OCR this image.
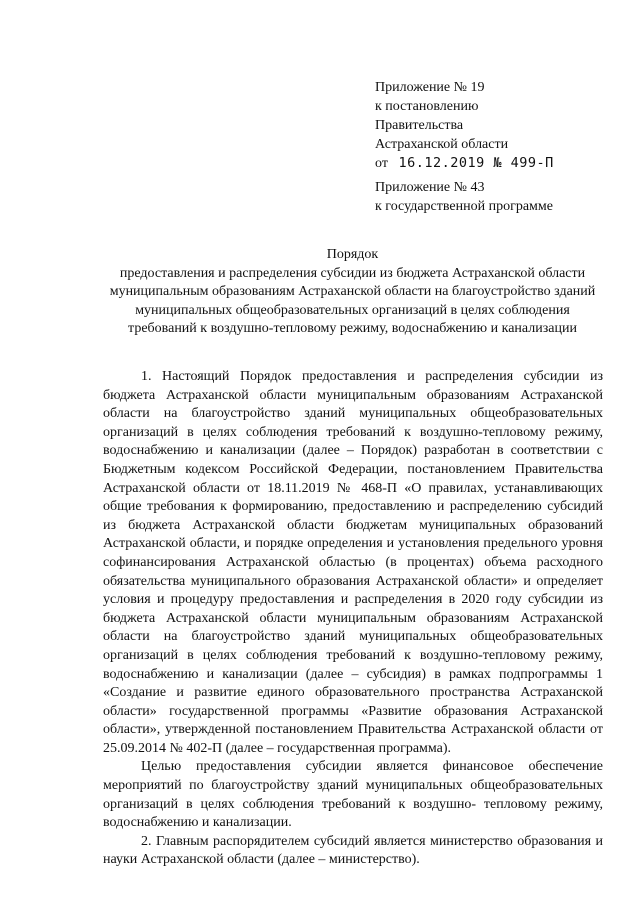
Приложение № 19
к постановлению
Правительства
Астраханской области
от 16.12.2019 № 499-П
Приложение № 43
к государственной программе
Порядок
предоставления и распределения субсидии из бюджета Астраханской области муниципальным образованиям Астраханской области на благоустройство зданий муниципальных общеобразовательных организаций в целях соблюдения требований к воздушно-тепловому режиму, водоснабжению и канализации

1. Настоящий Порядок предоставления и распределения субсидии из бюджета Астраханской области муниципальным образованиям Астраханской области на благоустройство зданий муниципальных общеобразовательных организаций в целях соблюдения требований к воздушно-тепловому режиму, водоснабжению и канализации (далее – Порядок) разработан в соответствии с Бюджетным кодексом Российской Федерации, постановлением Правительства Астраханской области от 18.11.2019 № 468-П «О правилах, устанавливающих общие требования к формированию, предоставлению и распределению субсидий из бюджета Астраханской области бюджетам муниципальных образований Астраханской области, и порядке определения и установления предельного уровня софинансирования Астраханской областью (в процентах) объема расходного обязательства муниципального образования Астраханской области» и определяет условия и процедуру предоставления и распределения в 2020 году субсидии из бюджета Астраханской области муниципальным образованиям Астраханской области на благоустройство зданий муниципальных общеобразовательных организаций в целях соблюдения требований к воздушно-тепловому режиму, водоснабжению и канализации (далее – субсидия) в рамках подпрограммы 1 «Создание и развитие единого образовательного пространства Астраханской области» государственной программы «Развитие образования Астраханской области», утвержденной постановлением Правительства Астраханской области от 25.09.2014 № 402-П (далее – государственная программа).

Целью предоставления субсидии является финансовое обеспечение мероприятий по благоустройству зданий муниципальных общеобразовательных организаций в целях соблюдения требований к воздушно- тепловому режиму, водоснабжению и канализации.

2. Главным распорядителем субсидий является министерство образования и науки Астраханской области (далее – министерство).
